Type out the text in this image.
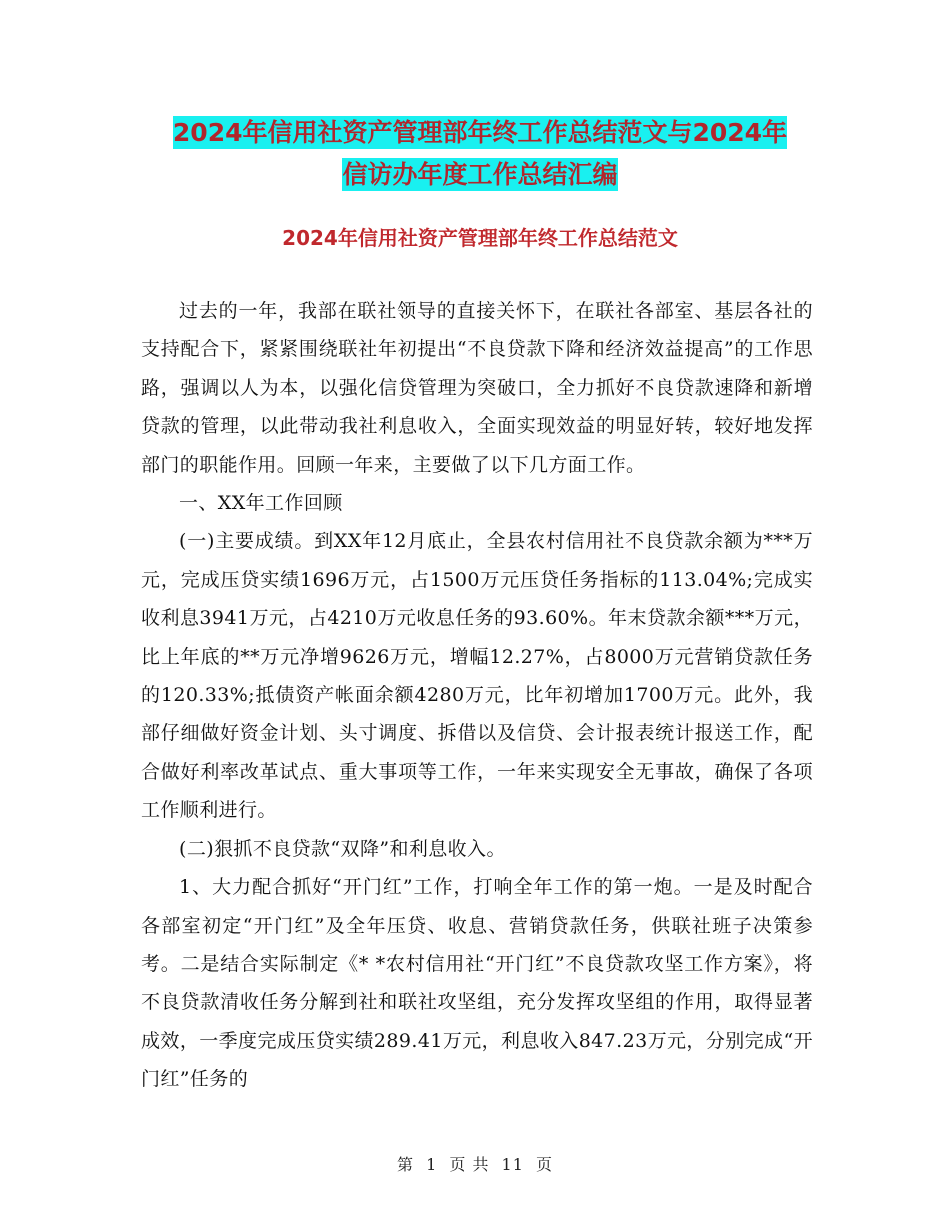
2024年信用社资产管理部年终工作总结范文与2024年
信访办年度工作总结汇编
2024年信用社资产管理部年终工作总结范文

过去的一年，我部在联社领导的直接关怀下，在联社各部室、基层各社的支持配合下，紧紧围绕联社年初提出“不良贷款下降和经济效益提高”的工作思路，强调以人为本，以强化信贷管理为突破口，全力抓好不良贷款速降和新增贷款的管理，以此带动我社利息收入，全面实现效益的明显好转，较好地发挥部门的职能作用。回顾一年来，主要做了以下几方面工作。

一、XX年工作回顾

(一)主要成绩。到XX年12月底止，全县农村信用社不良贷款余额为***万元，完成压贷实绩1696万元，占1500万元压贷任务指标的113.04%;完成实收利息3941万元，占4210万元收息任务的93.60%。年末贷款余额***万元，比上年底的**万元净增9626万元，增幅12.27%，占8000万元营销贷款任务的120.33%;抵债资产帐面余额4280万元，比年初增加1700万元。此外，我部仔细做好资金计划、头寸调度、拆借以及信贷、会计报表统计报送工作，配合做好利率改革试点、重大事项等工作，一年来实现安全无事故，确保了各项工作顺利进行。

(二)狠抓不良贷款“双降”和利息收入。

1、大力配合抓好“开门红”工作，打响全年工作的第一炮。一是及时配合各部室初定“开门红”及全年压贷、收息、营销贷款任务，供联社班子决策参考。二是结合实际制定《* *农村信用社“开门红”不良贷款攻坚工作方案》，将不良贷款清收任务分解到社和联社攻坚组，充分发挥攻坚组的作用，取得显著成效，一季度完成压贷实绩289.41万元，利息收入847.23万元，分别完成“开门红”任务的

第 1 页 共 11 页
